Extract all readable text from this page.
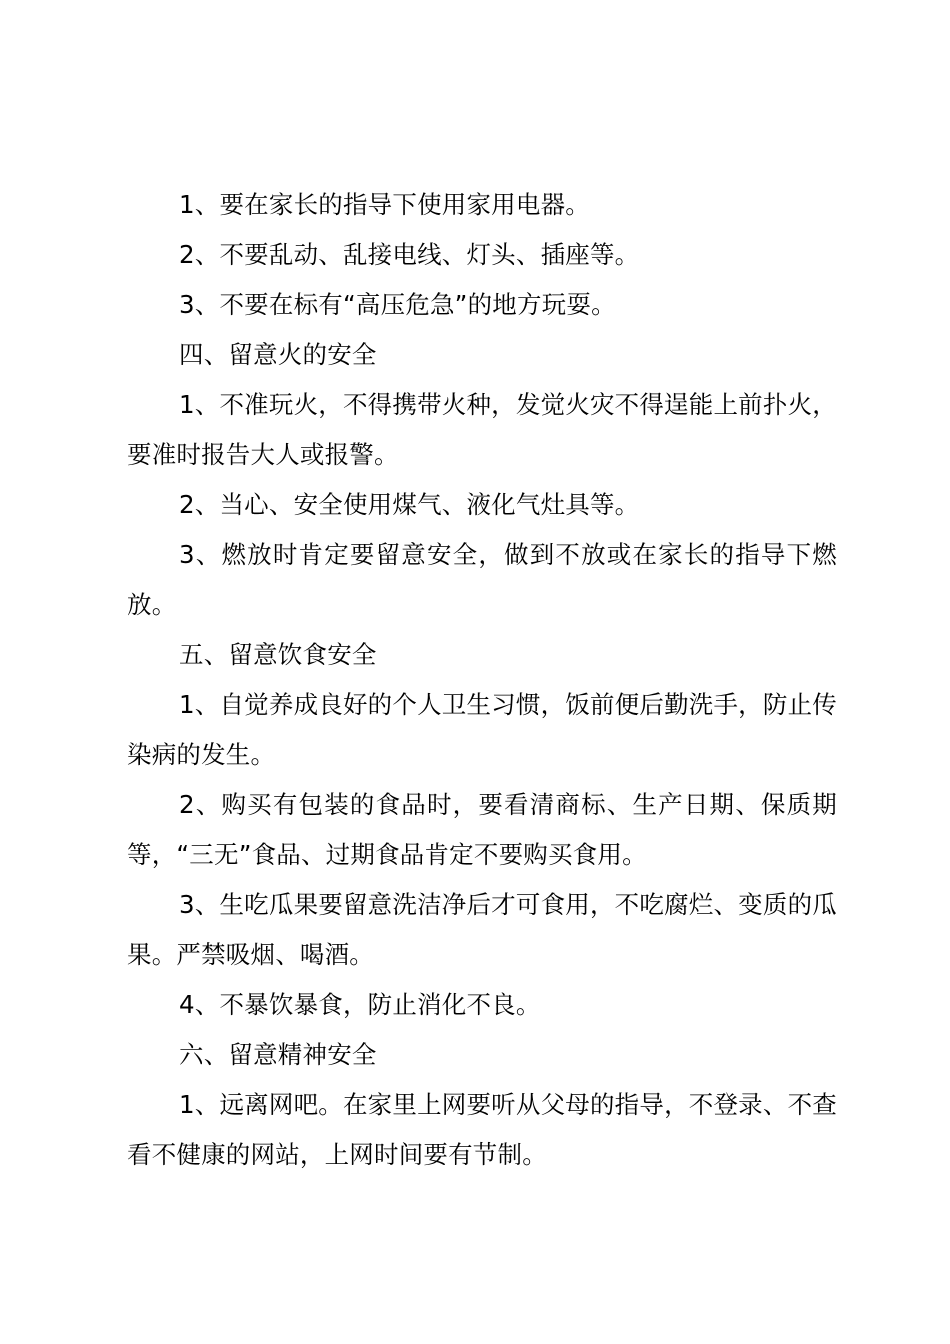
1、要在家长的指导下使用家用电器。

2、不要乱动、乱接电线、灯头、插座等。

3、不要在标有“高压危急”的地方玩耍。

四、留意火的安全

1、不准玩火，不得携带火种，发觉火灾不得逞能上前扑火，要准时报告大人或报警。

2、当心、安全使用煤气、液化气灶具等。

3、燃放时肯定要留意安全，做到不放或在家长的指导下燃放。

五、留意饮食安全

1、自觉养成良好的个人卫生习惯，饭前便后勤洗手，防止传染病的发生。

2、购买有包装的食品时，要看清商标、生产日期、保质期等，“三无”食品、过期食品肯定不要购买食用。

3、生吃瓜果要留意洗洁净后才可食用，不吃腐烂、变质的瓜果。严禁吸烟、喝酒。

4、不暴饮暴食，防止消化不良。

六、留意精神安全

1、远离网吧。在家里上网要听从父母的指导，不登录、不查看不健康的网站，上网时间要有节制。
